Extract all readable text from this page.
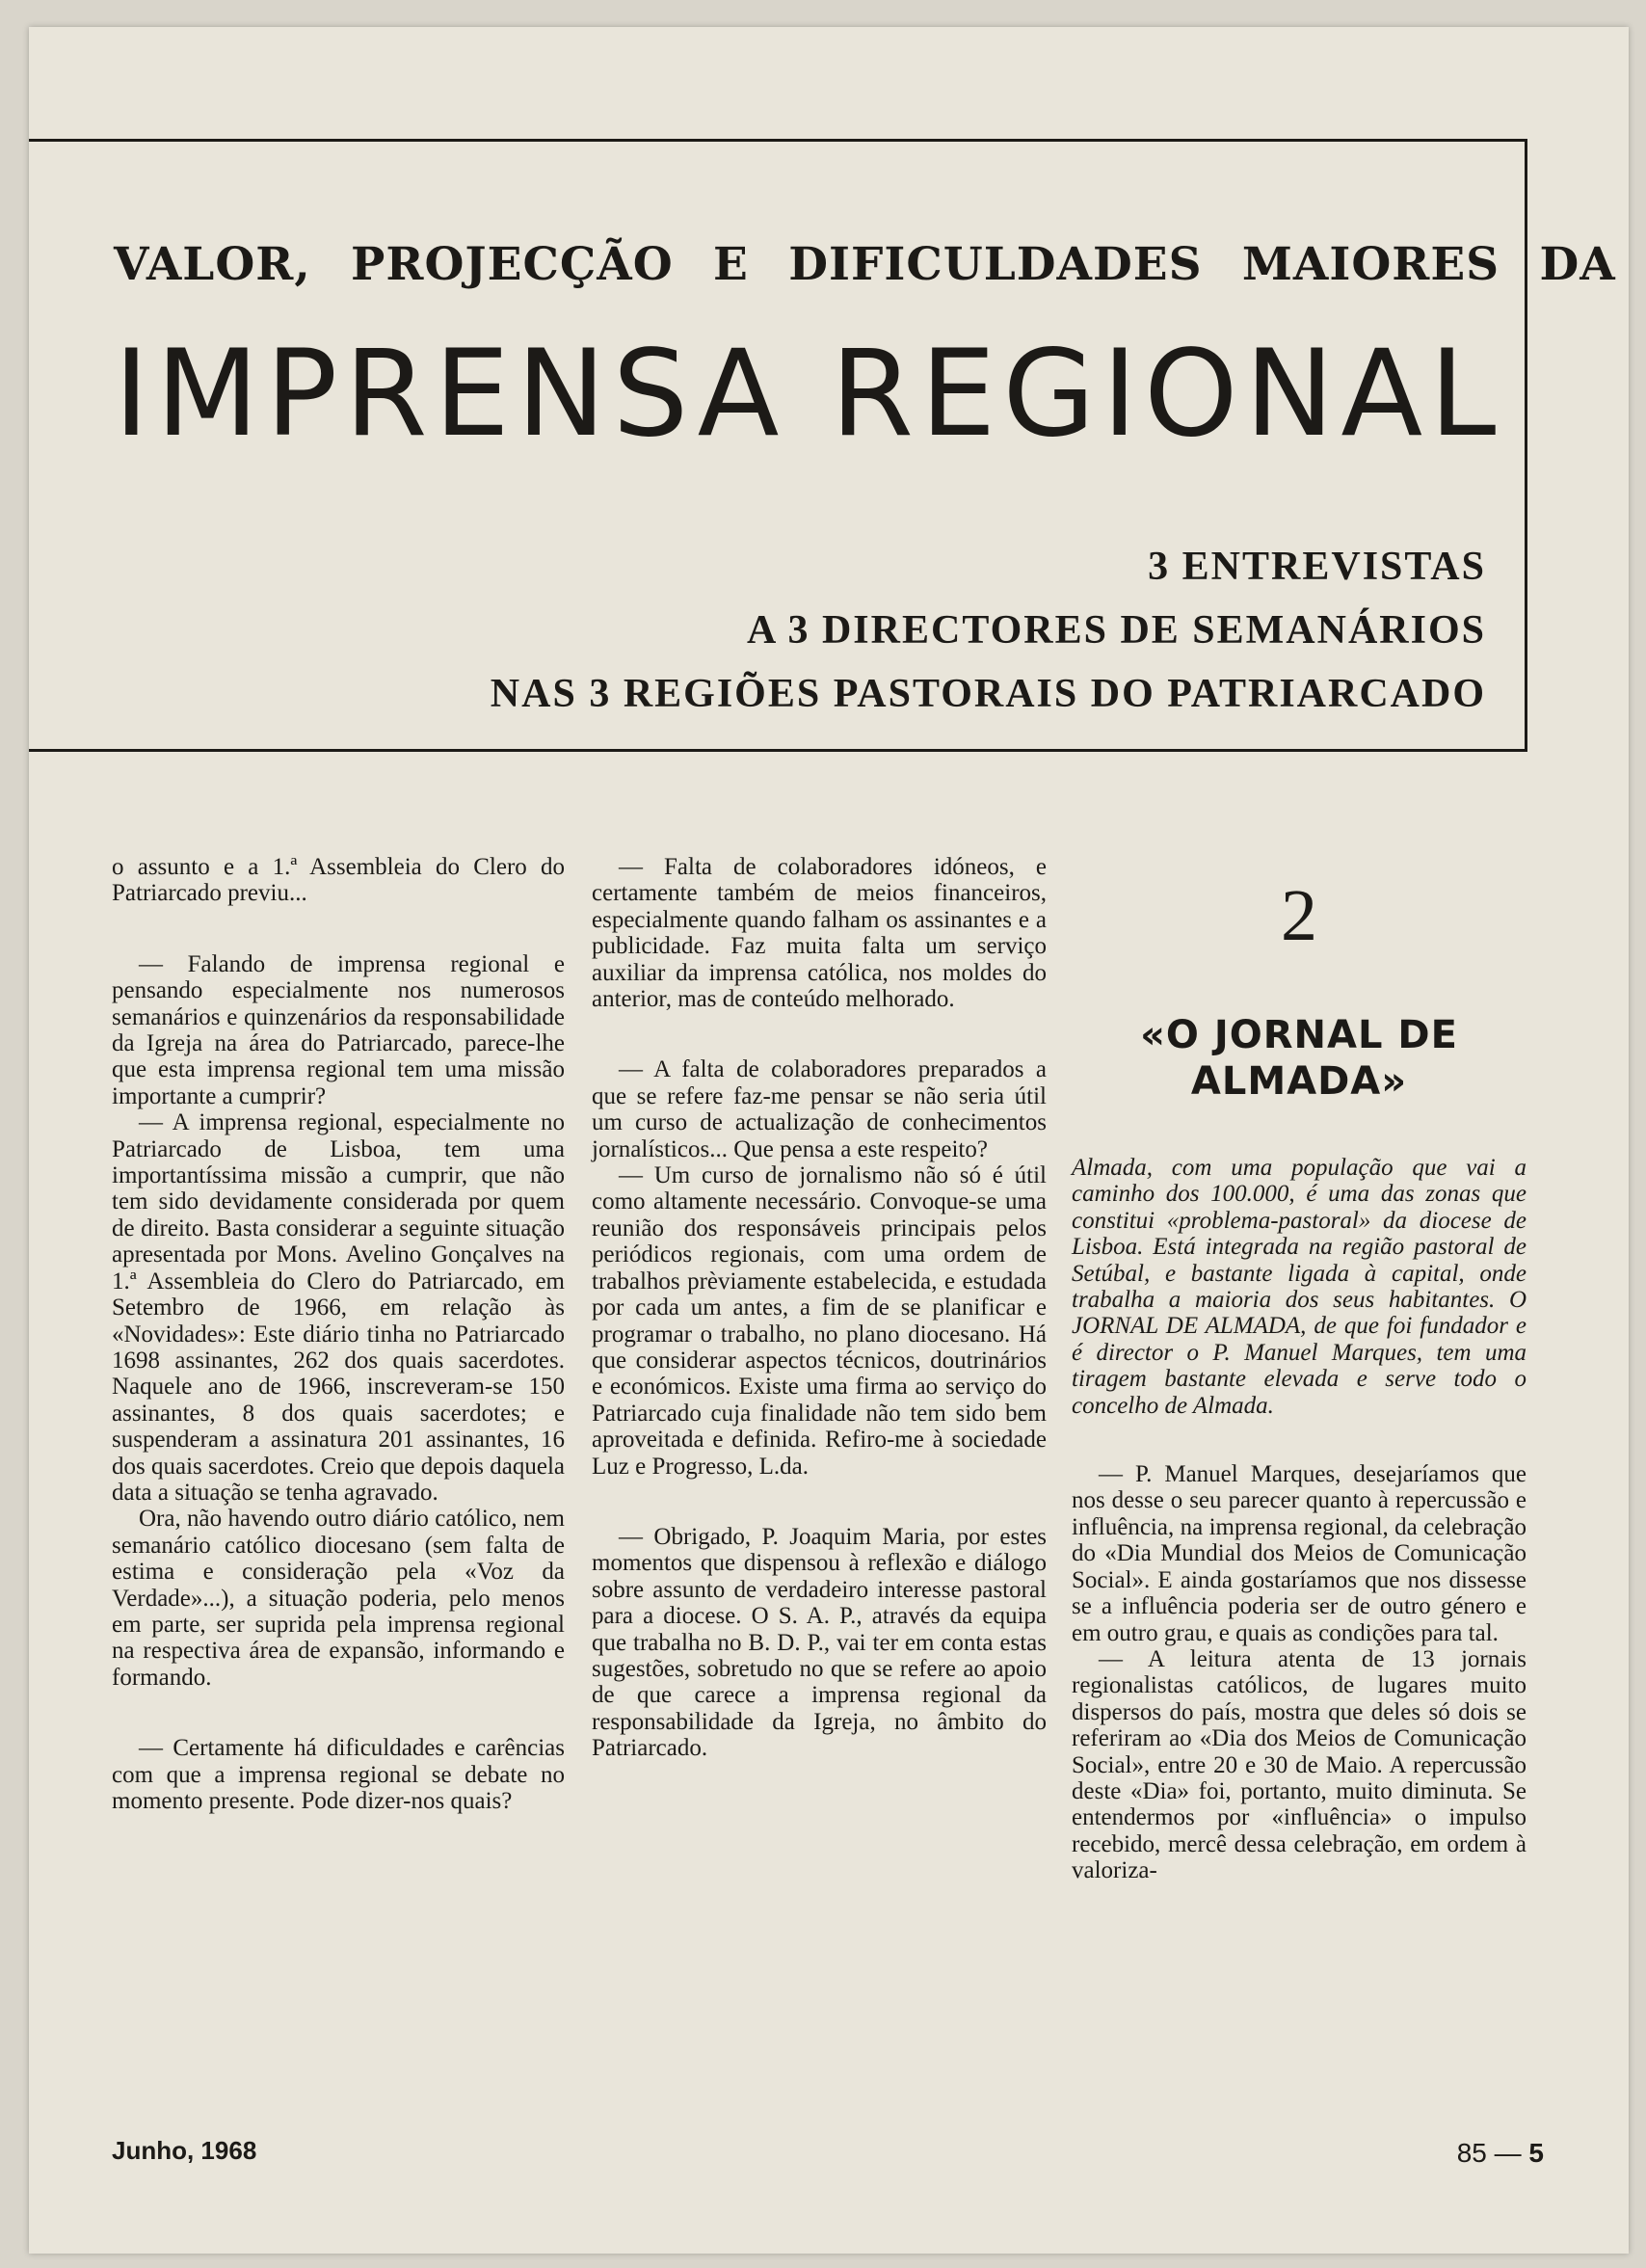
VALOR, PROJECÇÃO E DIFICULDADES MAIORES DA
IMPRENSA REGIONAL
3 ENTREVISTAS
A 3 DIRECTORES DE SEMANÁRIOS
NAS 3 REGIÕES PASTORAIS DO PATRIARCADO

o assunto e a 1.ª Assembleia do Clero do Patriarcado previu...

— Falando de imprensa regional e pensando especialmente nos numerosos semanários e quinzenários da responsabilidade da Igreja na área do Patriarcado, parece-lhe que esta imprensa regional tem uma missão importante a cumprir?

— A imprensa regional, especialmente no Patriarcado de Lisboa, tem uma importantíssima missão a cumprir, que não tem sido devidamente considerada por quem de direito. Basta considerar a seguinte situação apresentada por Mons. Avelino Gonçalves na 1.ª Assembleia do Clero do Patriarcado, em Setembro de 1966, em relação às «Novidades»: Este diário tinha no Patriarcado 1698 assinantes, 262 dos quais sacerdotes. Naquele ano de 1966, inscreveram-se 150 assinantes, 8 dos quais sacerdotes; e suspenderam a assinatura 201 assinantes, 16 dos quais sacerdotes. Creio que depois daquela data a situação se tenha agravado.

Ora, não havendo outro diário católico, nem semanário católico diocesano (sem falta de estima e consideração pela «Voz da Verdade»...), a situação poderia, pelo menos em parte, ser suprida pela imprensa regional na respectiva área de expansão, informando e formando.

— Certamente há dificuldades e carências com que a imprensa regional se debate no momento presente. Pode dizer-nos quais?

— Falta de colaboradores idóneos, e certamente também de meios financeiros, especialmente quando falham os assinantes e a publicidade. Faz muita falta um serviço auxiliar da imprensa católica, nos moldes do anterior, mas de conteúdo melhorado.

— A falta de colaboradores preparados a que se refere faz-me pensar se não seria útil um curso de actualização de conhecimentos jornalísticos... Que pensa a este respeito?

— Um curso de jornalismo não só é útil como altamente necessário. Convoque-se uma reunião dos responsáveis principais pelos periódicos regionais, com uma ordem de trabalhos prèviamente estabelecida, e estudada por cada um antes, a fim de se planificar e programar o trabalho, no plano diocesano. Há que considerar aspectos técnicos, doutrinários e económicos. Existe uma firma ao serviço do Patriarcado cuja finalidade não tem sido bem aproveitada e definida. Refiro-me à sociedade Luz e Progresso, L.da.

— Obrigado, P. Joaquim Maria, por estes momentos que dispensou à reflexão e diálogo sobre assunto de verdadeiro interesse pastoral para a diocese. O S. A. P., através da equipa que trabalha no B. D. P., vai ter em conta estas sugestões, sobretudo no que se refere ao apoio de que carece a imprensa regional da responsabilidade da Igreja, no âmbito do Patriarcado.

2
«O JORNAL DE
ALMADA»
Almada, com uma população que vai a caminho dos 100.000, é uma das zonas que constitui «problema-pastoral» da diocese de Lisboa. Está integrada na região pastoral de Setúbal, e bastante ligada à capital, onde trabalha a maioria dos seus habitantes. O JORNAL DE ALMADA, de que foi fundador e é director o P. Manuel Marques, tem uma tiragem bastante elevada e serve todo o concelho de Almada.

— P. Manuel Marques, desejaríamos que nos desse o seu parecer quanto à repercussão e influência, na imprensa regional, da celebração do «Dia Mundial dos Meios de Comunicação Social». E ainda gostaríamos que nos dissesse se a influência poderia ser de outro género e em outro grau, e quais as condições para tal.

— A leitura atenta de 13 jornais regionalistas católicos, de lugares muito dispersos do país, mostra que deles só dois se referiram ao «Dia dos Meios de Comunicação Social», entre 20 e 30 de Maio. A repercussão deste «Dia» foi, portanto, muito diminuta. Se entendermos por «influência» o impulso recebido, mercê dessa celebração, em ordem à valoriza-

Junho, 1968	85 — 5
